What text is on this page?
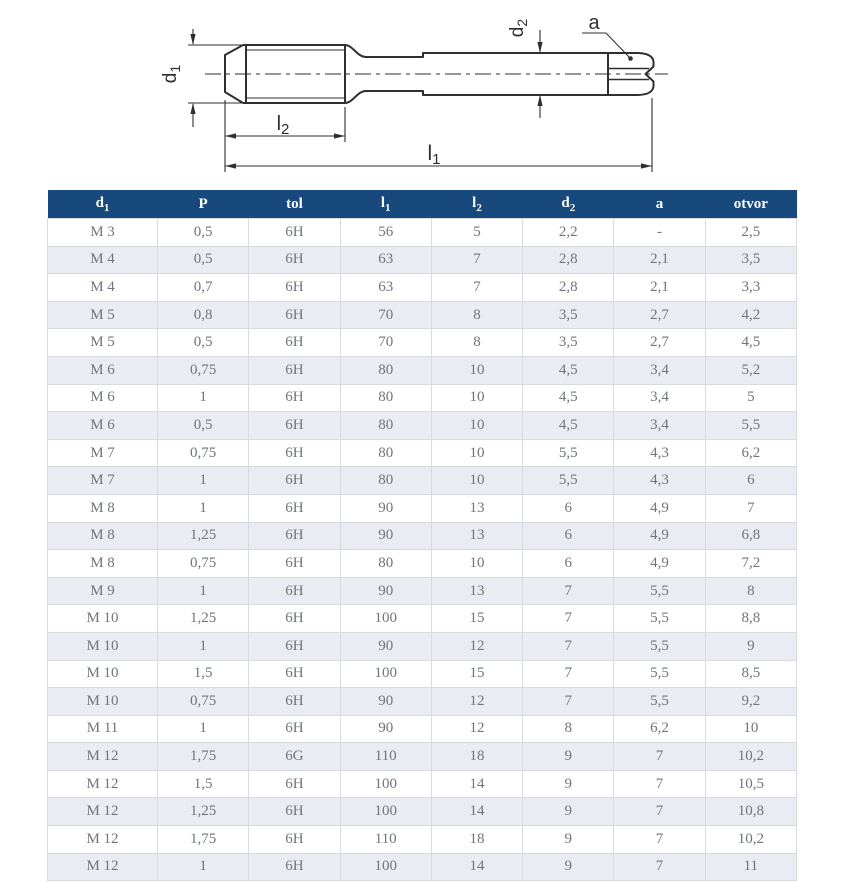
$d_1$
$l_2$
l1
$d_2$	a
$d_1$	P	tol	$l_1$	$l_2$	$d_2$	a	otvor
M 3	0,5	6H	56	5	2,2	-	2,5
M 4	0,5	6H	63	7	2,8	2,1	3,5
M 4	0,7	6H	63	7	2,8	2,1	3,3
M 5	0,8	6H	70	8	3,5	2,7	4,2
M 5	0,5	6H	70	8	3,5	2,7	4,5
M 6	0,75	6H	80	10	4,5	3,4	5,2
M 6	1	6H	80	10	4,5	3,4	5
M 6	0,5	6H	80	10	4,5	3,4	5,5
M 7	0,75	6H	80	10	5,5	4,3	6,2
M 7	1	6H	80	10	5,5	4,3	6
M 8	1	6H	90	13	6	4,9	7
M 8	1,25	6H	90	13	6	4,9	6,8
M 8	0,75	6H	80	10	6	4,9	7,2
M 9	1	6H	90	13	7	5,5	8
M 10	1,25	6H	100	15	7	5,5	8,8
M 10	1	6H	90	12	7	5,5	9
M 10	1,5	6H	100	15	7	5,5	8,5
M 10	0,75	6H	90	12	7	5,5	9,2
M 11	1	6H	90	12	8	6,2	10
M 12	1,75	6G	110	18	9	7	10,2
M 12	1,5	6H	100	14	9	7	10,5
M 12	1,25	6H	100	14	9	7	10,8
M 12	1,75	6H	110	18	9	7	10,2
M 12	1	6H	100	14	9	7	11
